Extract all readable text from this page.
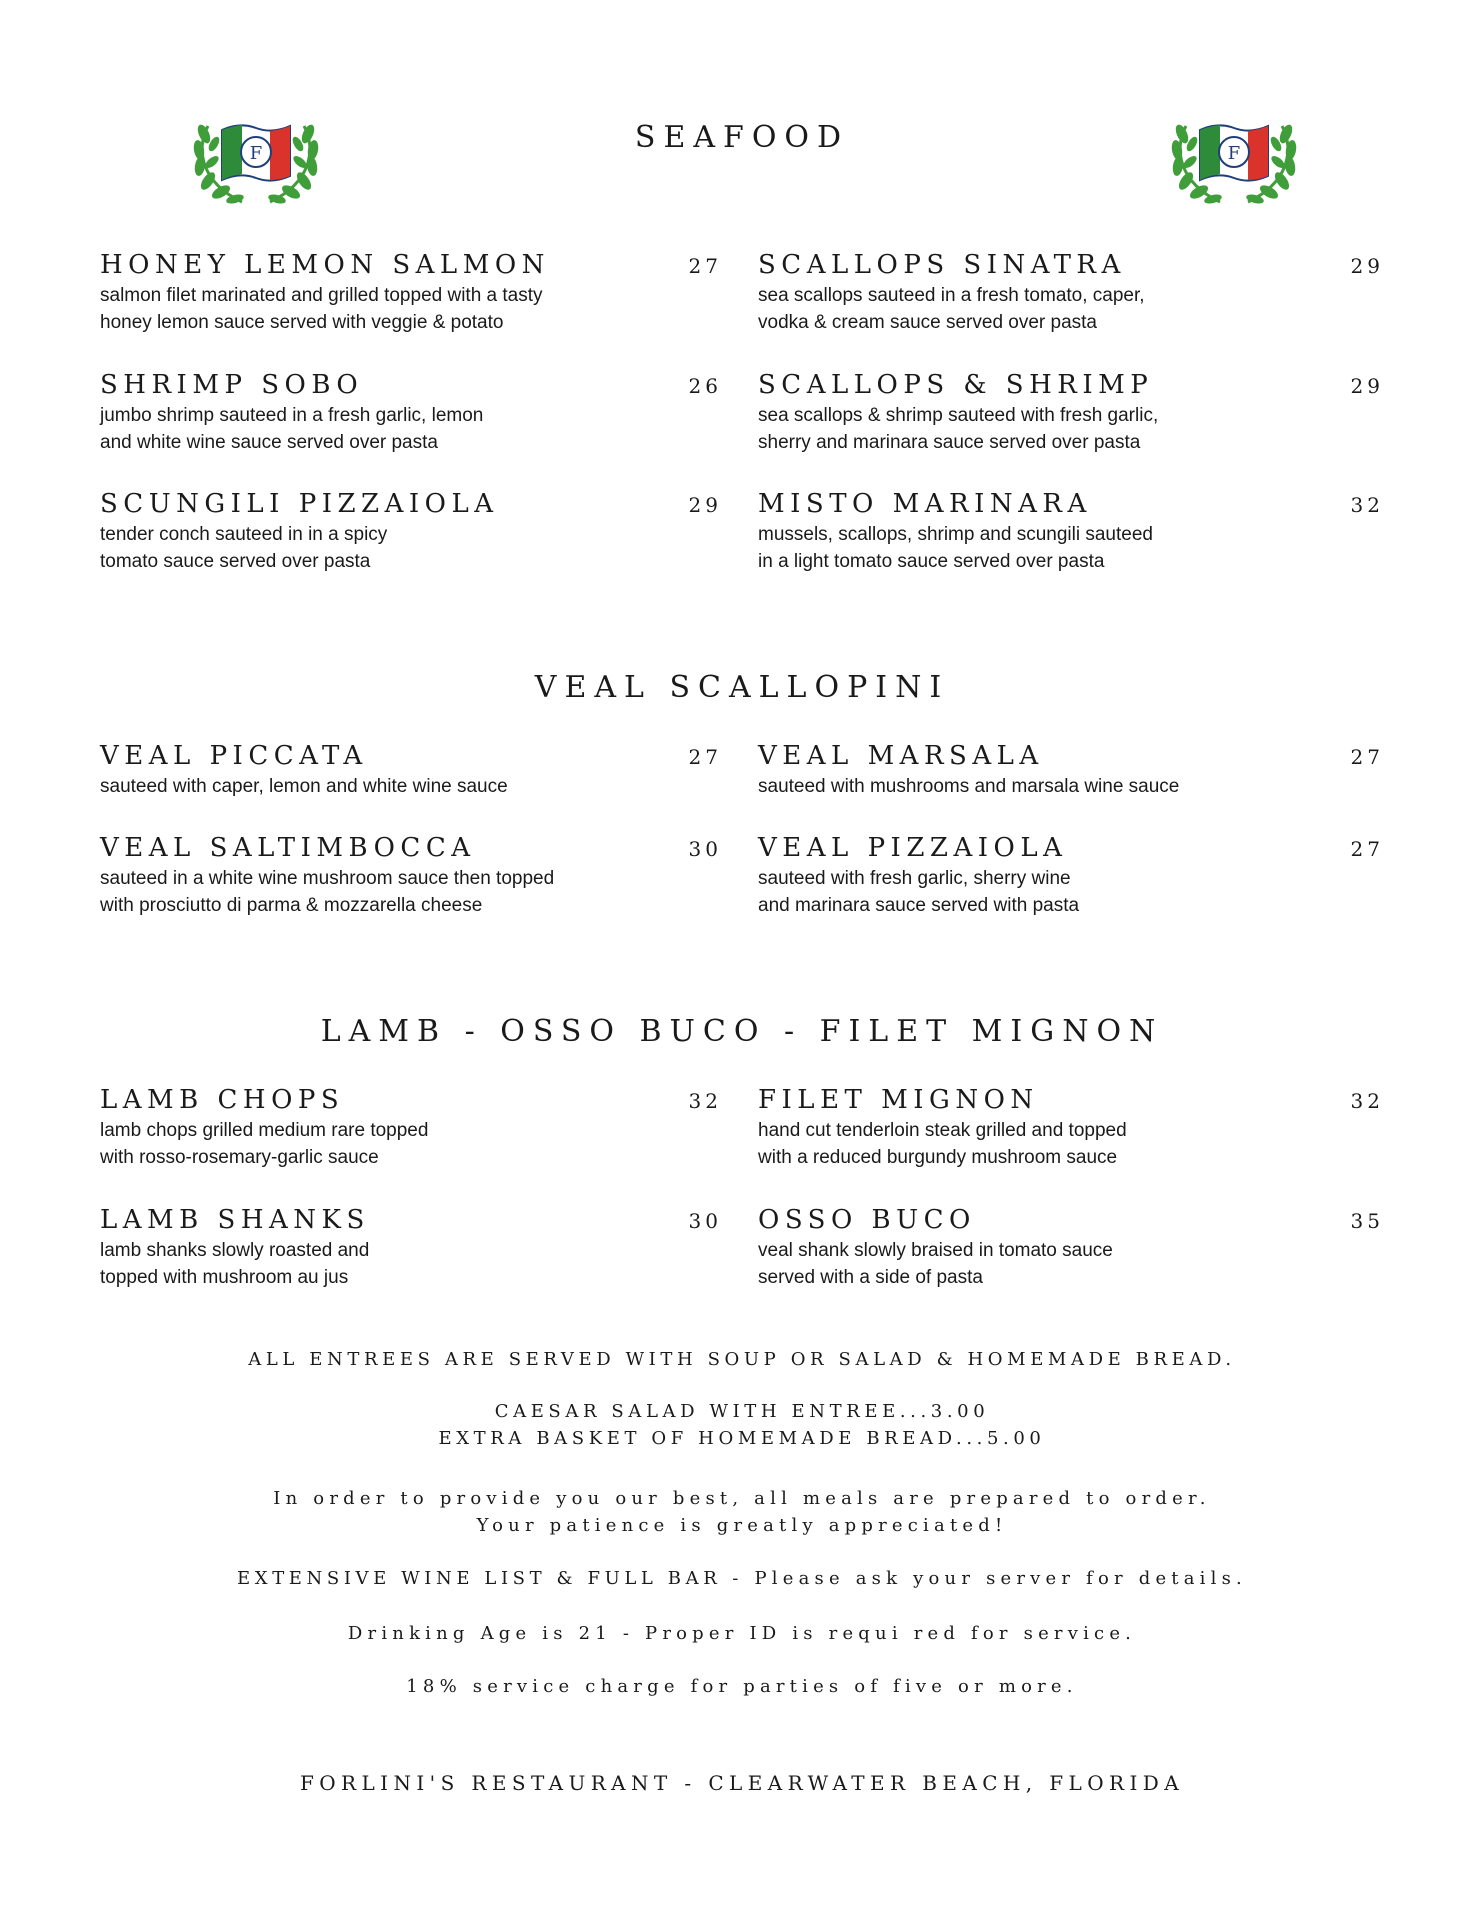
F	F
SEAFOOD
HONEY LEMON SALMON	27
salmon filet marinated and grilled topped with a tasty
honey lemon sauce served with veggie & potato
SCALLOPS SINATRA	29
sea scallops sauteed in a fresh tomato, caper,
vodka & cream sauce served over pasta
SHRIMP SOBO	26
jumbo shrimp sauteed in a fresh garlic, lemon
and white wine sauce served over pasta
SCALLOPS & SHRIMP	29
sea scallops & shrimp sauteed with fresh garlic,
sherry and marinara sauce served over pasta
SCUNGILI PIZZAIOLA	29
tender conch sauteed in in a spicy
tomato sauce served over pasta
MISTO MARINARA	32
mussels, scallops, shrimp and scungili sauteed
in a light tomato sauce served over pasta
VEAL SCALLOPINI
VEAL PICCATA	27
sauteed with caper, lemon and white wine sauce
VEAL MARSALA	27
sauteed with mushrooms and marsala wine sauce
VEAL SALTIMBOCCA	30
sauteed in a white wine mushroom sauce then topped
with prosciutto di parma & mozzarella cheese
VEAL PIZZAIOLA	27
sauteed with fresh garlic, sherry wine
and marinara sauce served with pasta
LAMB - OSSO BUCO - FILET MIGNON
LAMB CHOPS	32
lamb chops grilled medium rare topped
with rosso-rosemary-garlic sauce
FILET MIGNON	32
hand cut tenderloin steak grilled and topped
with a reduced burgundy mushroom sauce
LAMB SHANKS	30
lamb shanks slowly roasted and
topped with mushroom au jus
OSSO BUCO	35
veal shank slowly braised in tomato sauce
served with a side of pasta
ALL ENTREES ARE SERVED WITH SOUP OR SALAD & HOMEMADE BREAD.
CAESAR SALAD WITH ENTREE...3.00
EXTRA BASKET OF HOMEMADE BREAD...5.00
In order to provide you our best, all meals are prepared to order.
Your patience is greatly appreciated!
EXTENSIVE WINE LIST & FULL BAR - Please ask your server for details.
Drinking Age is 21 - Proper ID is requi red for service.
18% service charge for parties of five or more.
FORLINI'S RESTAURANT - CLEARWATER BEACH, FLORIDA
